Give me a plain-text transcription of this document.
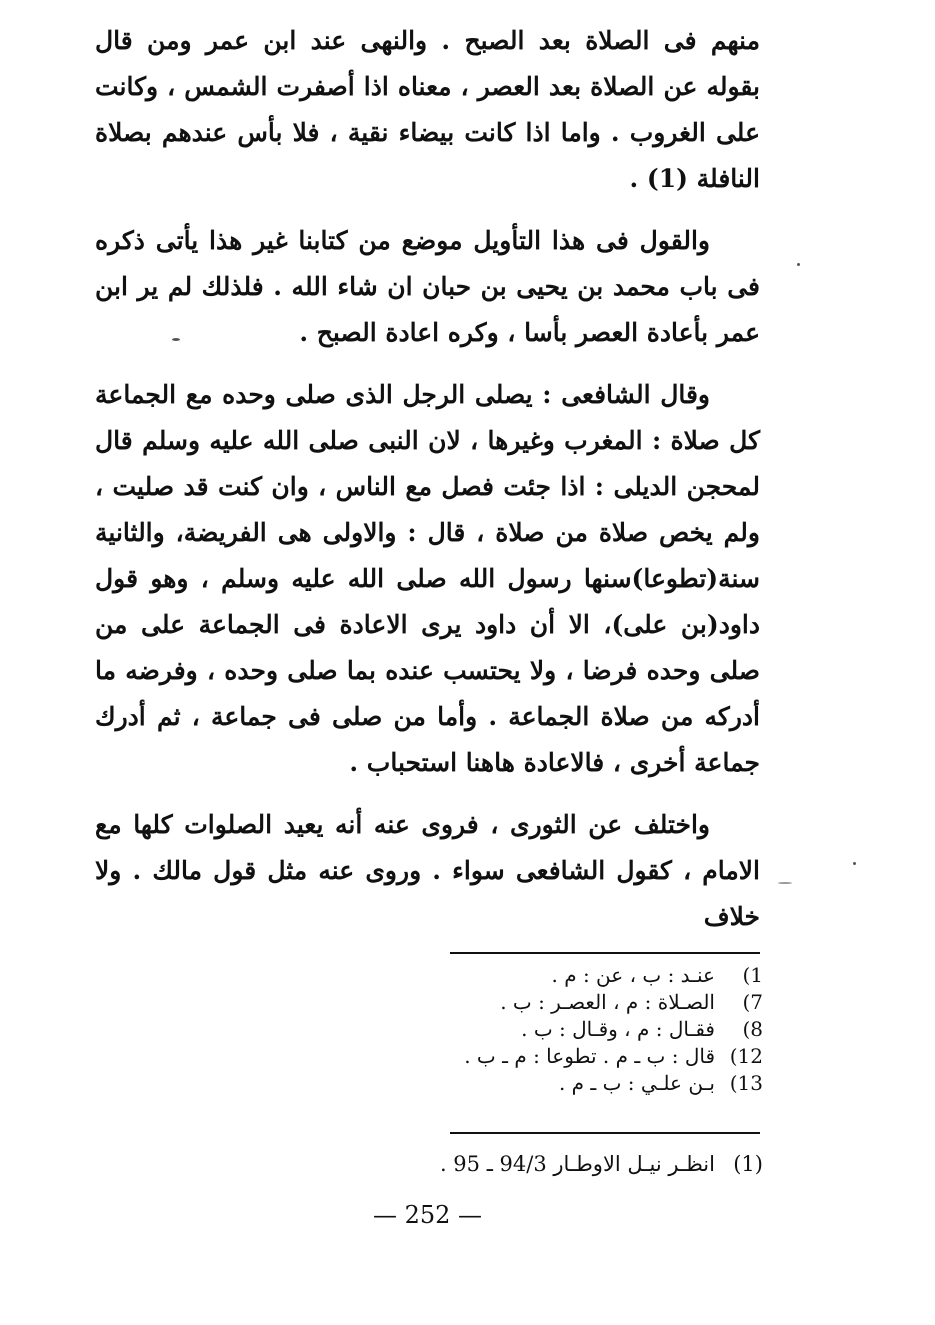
منهم فى الصلاة بعد الصبح . والنهى عند ابن عمر ومن قال بقوله عن الصلاة بعد العصر ، معناه اذا أصفرت الشمس ، وكانت على الغروب . واما اذا كانت بيضاء نقية ، فلا بأس عندهم بصلاة النافلة (1) .

والقول فى هذا التأويل موضع من كتابنا غير هذا يأتى ذكره فى باب محمد بن يحيى بن حبان ان شاء الله . فلذلك لم ير ابن عمر بأعادة العصر بأسا ، وكره اعادة الصبح .

وقال الشافعى : يصلى الرجل الذى صلى وحده مع الجماعة كل صلاة : المغرب وغيرها ، لان النبى صلى الله عليه وسلم قال لمحجن الديلى : اذا جئت فصل مع الناس ، وان كنت قد صليت ، ولم يخص صلاة من صلاة ، قال : والاولى هى الفريضة، والثانية سنة(تطوعا)سنها رسول الله صلى الله عليه وسلم ، وهو قول داود(بن على)، الا أن داود يرى الاعادة فى الجماعة على من صلى وحده فرضا ، ولا يحتسب عنده بما صلى وحده ، وفرضه ما أدركه من صلاة الجماعة . وأما من صلى فى جماعة ، ثم أدرك جماعة أخرى ، فالاعادة هاهنا استحباب .

واختلف عن الثورى ، فروى عنه أنه يعيد الصلوات كلها مع الامام ، كقول الشافعى سواء . وروى عنه مثل قول مالك . ولا خلاف

1)
عنـد : ب ، عن : م .
7)
الصـلاة : م ، العصـر : ب .
8)
فقـال : م ، وقـال : ب .
12)
قال : ب ـ م . تطوعا : م ـ ب .
13)
بـن علـي : ب ـ م .
(1)
انظـر نيـل الاوطـار 94/3 ـ 95 .
— 252 —
